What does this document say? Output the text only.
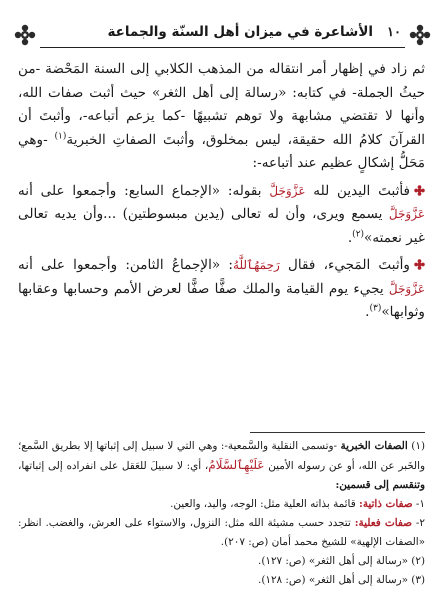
١٠
الأشاعرة في ميزان أهل السنّة والجماعة

ثم زاد في إظهار أمر انتقاله من المذهب الكلابي إلى السنة المَحْضة -من حيثُ الجملة- في كتابه: «رسالة إلى أهل الثغر» حيث أثبت صفات الله، وأنها لا تقتضي مشابهة ولا توهم تشبيهًا -كما يزعم أتباعه-، وأثبتَ أن القرآنَ كلامُ الله حقيقة، ليس بمخلوق، وأثبتَ الصفاتِ الخبرية$^{(١)}$ -وهي مَحَلُّ إشكالٍ عظيم عند أتباعه-:

فأثبتَ اليدين لله عَزَّوَجَلَّ بقوله: «الإجماع السابع: وأجمعوا على أنه عَزَّوَجَلَّ يسمع ويرى، وأن له تعالى (يدين مبسوطتين) ...وأن يديه تعالى غير نعمته»$^{(٢)}$.

وأثبتَ المَجيء، فقال رَحِمَهُٱللَّهُ: «الإجماعُ الثامن: وأجمعوا على أنه عَزَّوَجَلَّ يجيء يوم القيامة والملك صفًّا صفًّا لعرض الأمم وحسابها وعقابها وثوابها»$^{(٣)}$.

(١) الصفات الخبرية -وتسمى النقلية والسَّمعية-: وهي التي لا سبيل إلى إثباتها إلا بطريق السَّمع؛ والخَبر عن الله، أو عن رسوله الأمين عَلَيْهِٱلسَّلَامُ، أي: لا سبيلَ للعَقل على انفراده إلى إثباتها، وتنقسم إلى قسمين:

١- صفات ذاتية: قائمة بذاته العلية مثل: الوجه، واليد، والعين.

٢- صفات فعلية: تتجدد حسب مشيئة الله مثل: النزول، والاستواء على العرش، والغضب. انظر: «الصفات الإلهية» للشيخ محمد أمان (ص: ٢٠٧).

(٢) «رسالة إلى أهل الثغر» (ص: ١٢٧).

(٣) «رسالة إلى أهل الثغر» (ص: ١٢٨).
